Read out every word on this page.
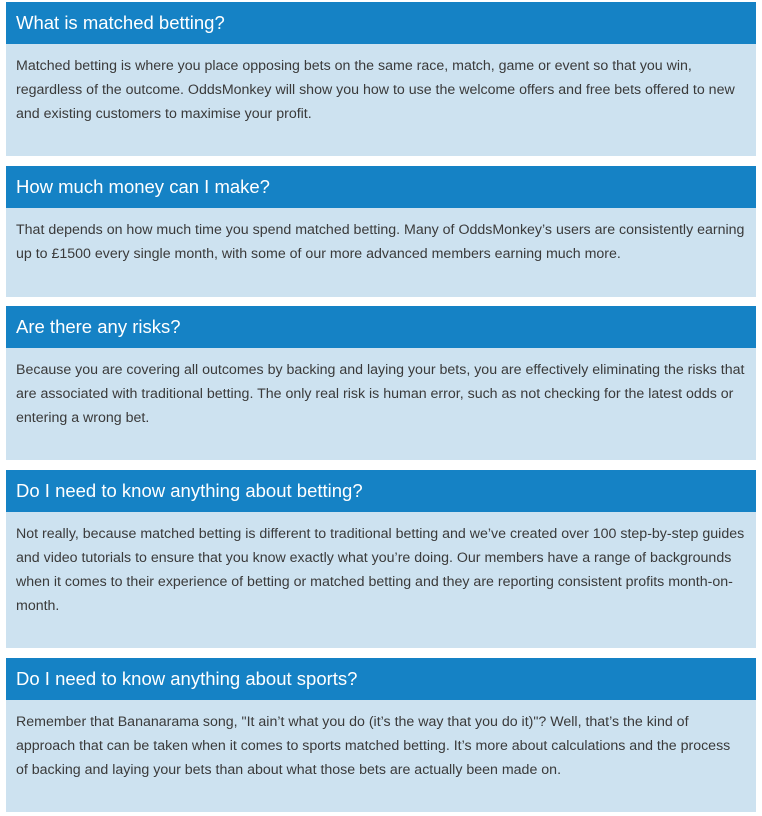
What is matched betting?
Matched betting is where you place opposing bets on the same race, match, game or event so that you win, regardless of the outcome. OddsMonkey will show you how to use the welcome offers and free bets offered to new and existing customers to maximise your profit.
How much money can I make?
That depends on how much time you spend matched betting. Many of OddsMonkey’s users are consistently earning up to £1500 every single month, with some of our more advanced members earning much more.
Are there any risks?
Because you are covering all outcomes by backing and laying your bets, you are effectively eliminating the risks that are associated with traditional betting. The only real risk is human error, such as not checking for the latest odds or entering a wrong bet.
Do I need to know anything about betting?
Not really, because matched betting is different to traditional betting and we’ve created over 100 step-by-step guides and video tutorials to ensure that you know exactly what you’re doing. Our members have a range of backgrounds when it comes to their experience of betting or matched betting and they are reporting consistent profits month-on-month.
Do I need to know anything about sports?
Remember that Bananarama song, "It ain’t what you do (it’s the way that you do it)"? Well, that’s the kind of approach that can be taken when it comes to sports matched betting. It’s more about calculations and the process of backing and laying your bets than about what those bets are actually been made on.
